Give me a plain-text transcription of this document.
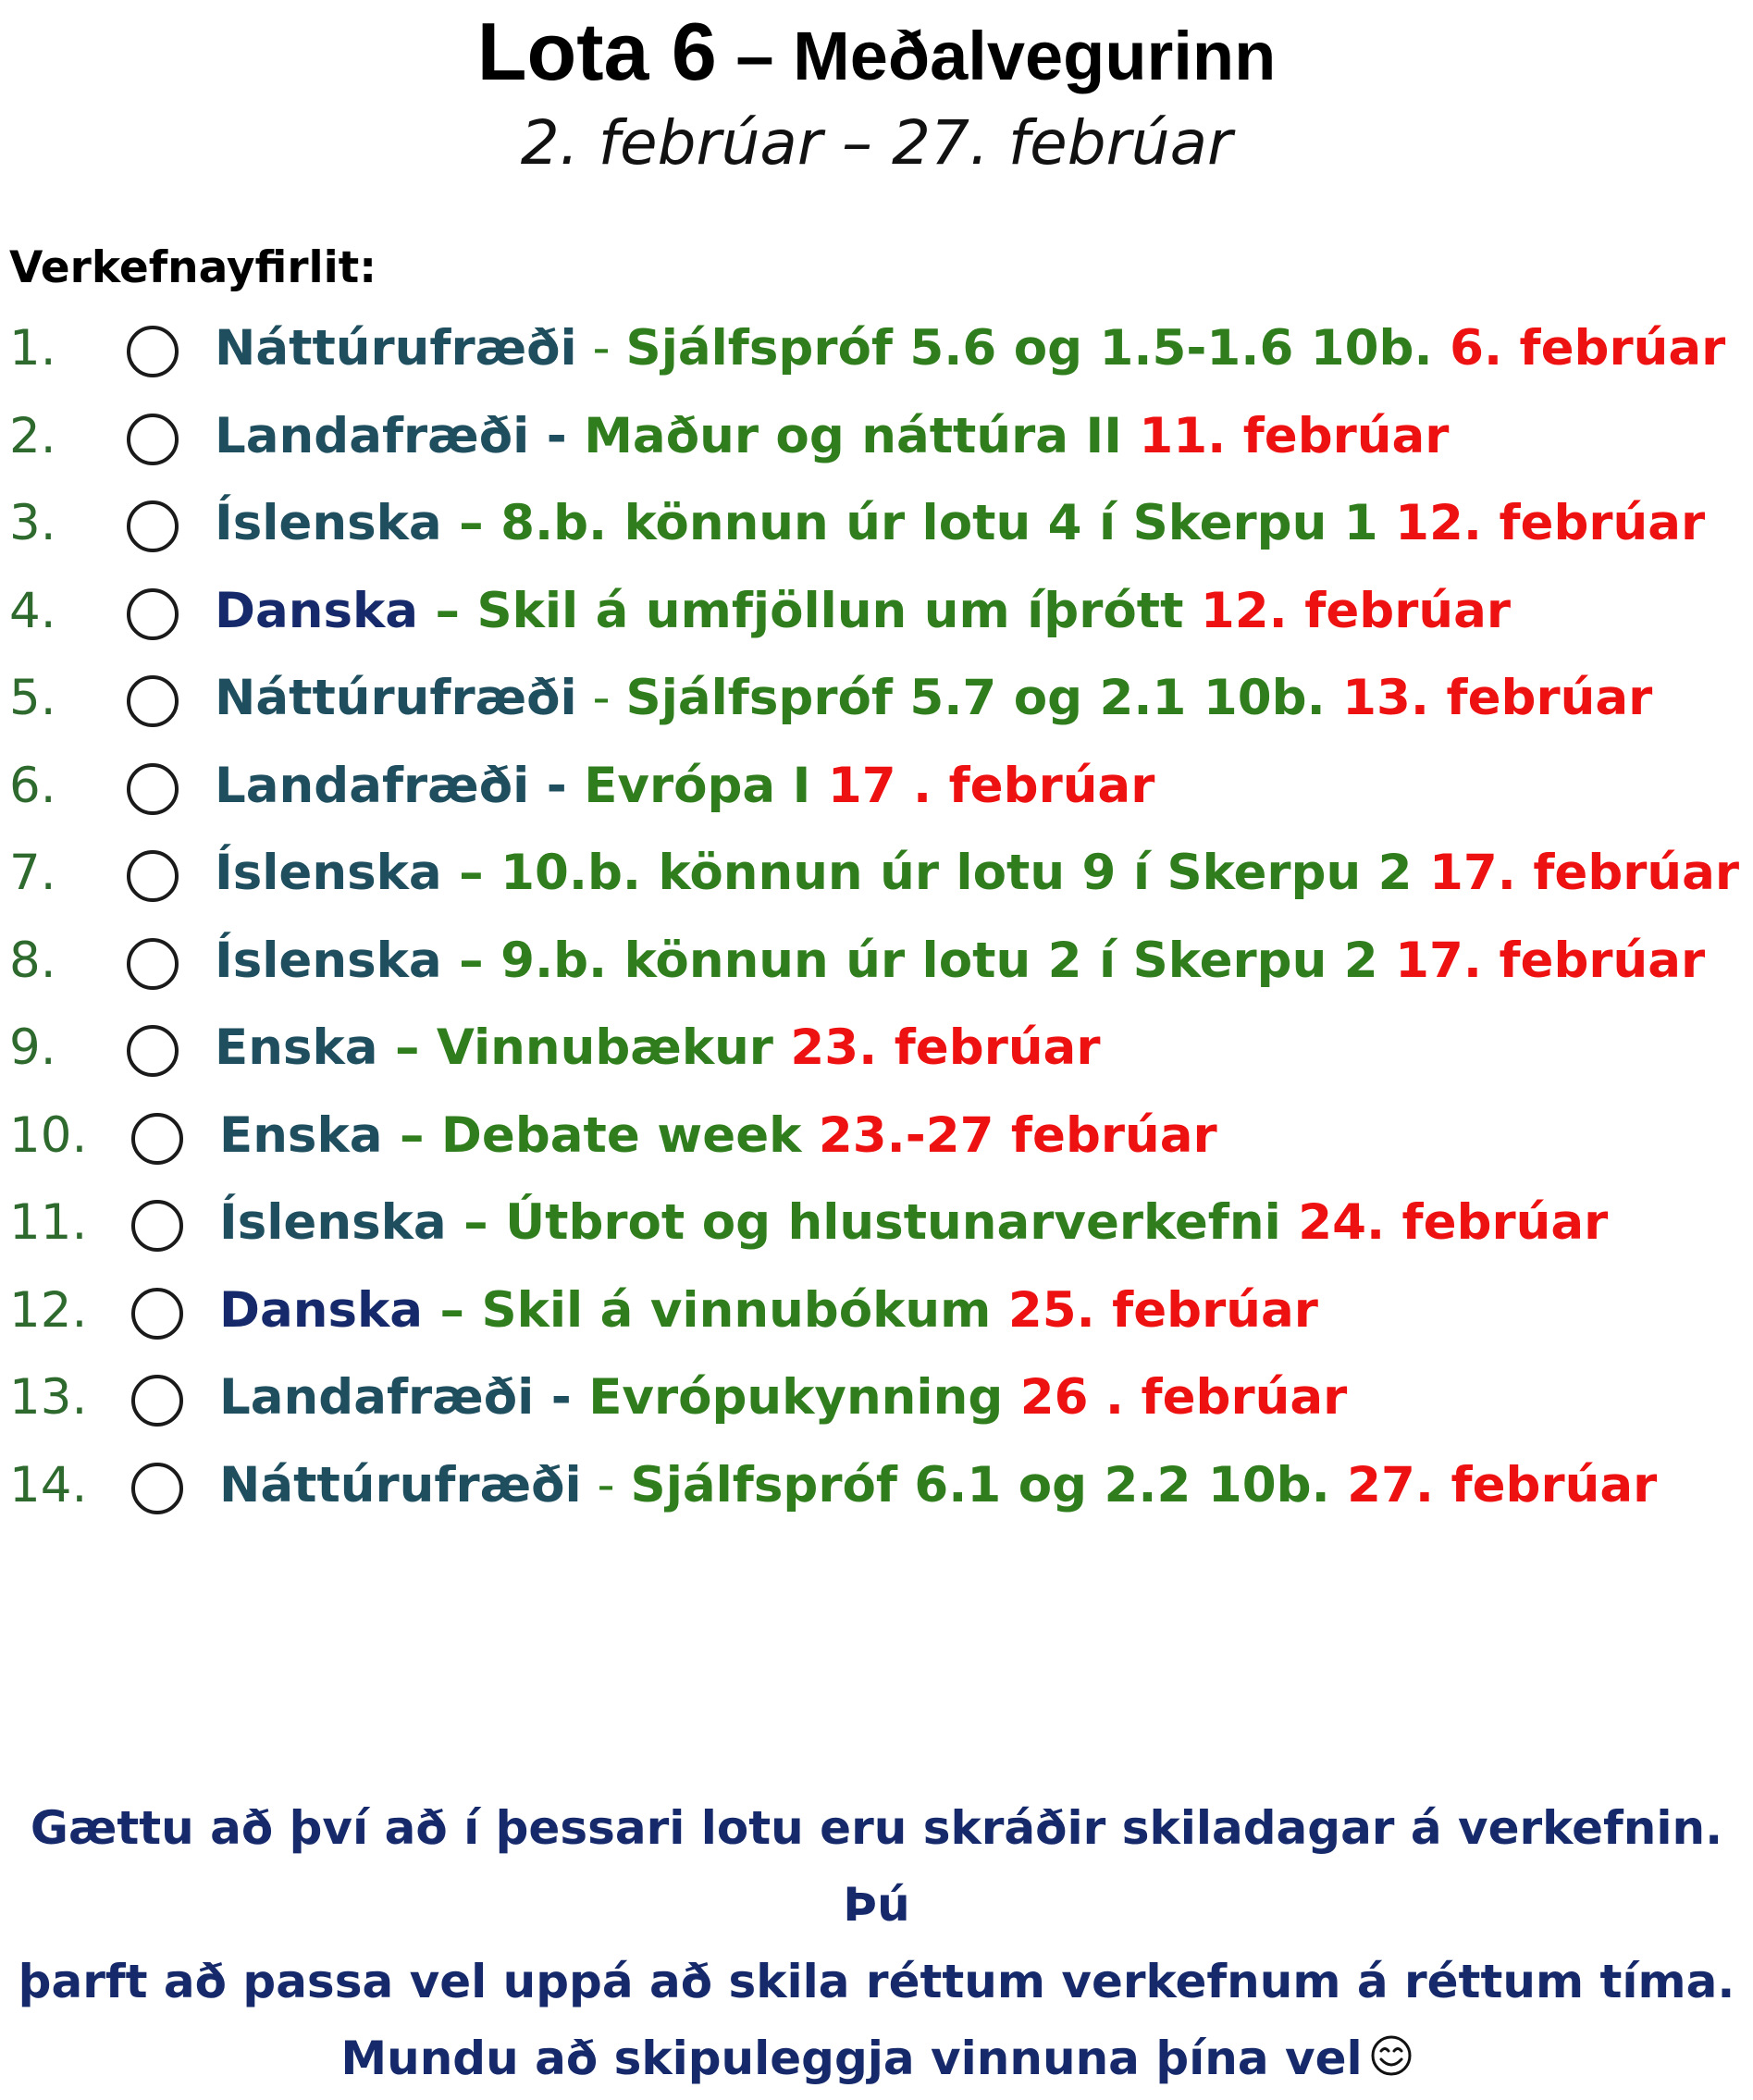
Lota 6 – Meðalvegurinn
2. febrúar – 27. febrúar
Verkefnayfirlit:
1.	Náttúrufræði - Sjálfspróf 5.6 og 1.5-1.6 10b. 6. febrúar
2.	Landafræði - Maður og náttúra II 11. febrúar
3.	Íslenska – 8.b. könnun úr lotu 4 í Skerpu 1 12. febrúar
4.	Danska – Skil á umfjöllun um íþrótt 12. febrúar
5.	Náttúrufræði - Sjálfspróf 5.7 og 2.1 10b. 13. febrúar
6.	Landafræði - Evrópa I 17 . febrúar
7.	Íslenska – 10.b. könnun úr lotu 9 í Skerpu 2 17. febrúar
8.	Íslenska – 9.b. könnun úr lotu 2 í Skerpu 2 17. febrúar
9.	Enska – Vinnubækur 23. febrúar
10.	Enska – Debate week 23.-27 febrúar
11.	Íslenska – Útbrot og hlustunarverkefni 24. febrúar
12.	Danska – Skil á vinnubókum 25. febrúar
13.	Landafræði - Evrópukynning 26 . febrúar
14.	Náttúrufræði - Sjálfspróf 6.1 og 2.2 10b. 27. febrúar
Gættu að því að í þessari lotu eru skráðir skiladagar á verkefnin. Þú
þarft að passa vel uppá að skila réttum verkefnum á réttum tíma.
Mundu að skipuleggja vinnuna þína vel
